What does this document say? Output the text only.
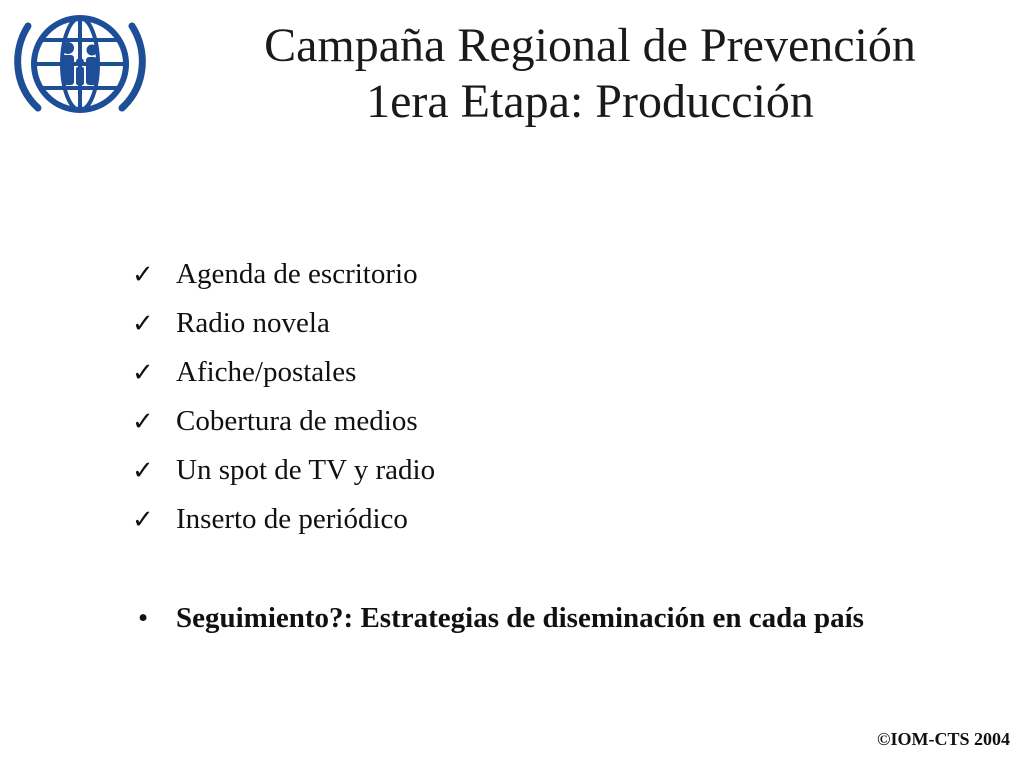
Campaña Regional de Prevención
1era Etapa: Producción
✓ Agenda de escritorio
✓ Radio novela
✓ Afiche/postales
✓ Cobertura de medios
✓ Un spot de TV y radio
✓ Inserto de periódico
• Seguimiento?: Estrategias de diseminación en cada país
©IOM-CTS 2004
